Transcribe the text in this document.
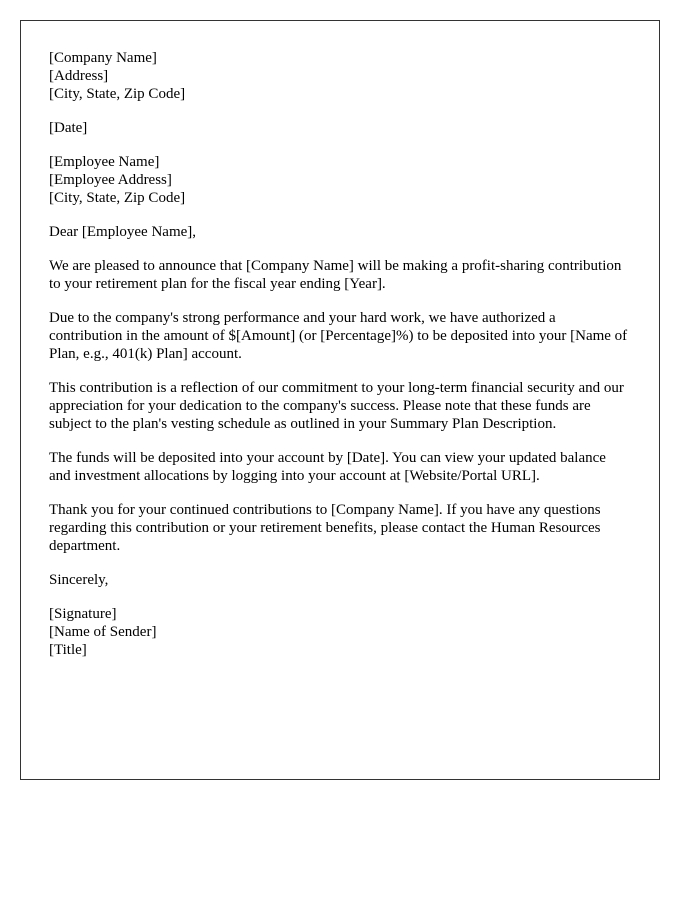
[Company Name]
[Address]
[City, State, Zip Code]
[Date]
[Employee Name]
[Employee Address]
[City, State, Zip Code]

Dear [Employee Name],

We are pleased to announce that [Company Name] will be making a profit-sharing contribution to your retirement plan for the fiscal year ending [Year].

Due to the company's strong performance and your hard work, we have authorized a contribution in the amount of $[Amount] (or [Percentage]%) to be deposited into your [Name of Plan, e.g., 401(k) Plan] account.

This contribution is a reflection of our commitment to your long-term financial security and our appreciation for your dedication to the company's success. Please note that these funds are subject to the plan's vesting schedule as outlined in your Summary Plan Description.

The funds will be deposited into your account by [Date]. You can view your updated balance and investment allocations by logging into your account at [Website/Portal URL].

Thank you for your continued contributions to [Company Name]. If you have any questions regarding this contribution or your retirement benefits, please contact the Human Resources department.

Sincerely,

[Signature]
[Name of Sender]
[Title]
